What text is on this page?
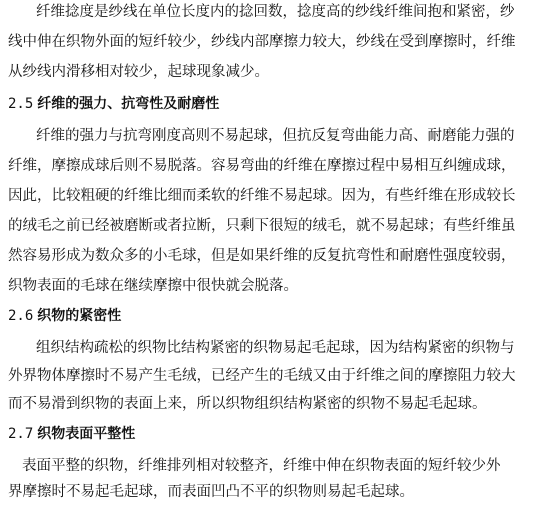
纤维捻度是纱线在单位长度内的捻回数，捻度高的纱线纤维间抱和紧密，纱
线中伸在织物外面的短纤较少，纱线内部摩擦力较大，纱线在受到摩擦时，纤维
从纱线内滑移相对较少，起球现象减少。
2.5 纤维的强力、抗弯性及耐磨性
纤维的强力与抗弯刚度高则不易起球，但抗反复弯曲能力高、耐磨能力强的
纤维，摩擦成球后则不易脱落。容易弯曲的纤维在摩擦过程中易相互纠缠成球，
因此，比较粗硬的纤维比细而柔软的纤维不易起球。因为，有些纤维在形成较长
的绒毛之前已经被磨断或者拉断，只剩下很短的绒毛，就不易起球；有些纤维虽
然容易形成为数众多的小毛球，但是如果纤维的反复抗弯性和耐磨性强度较弱，
织物表面的毛球在继续摩擦中很快就会脱落。
2.6 织物的紧密性
组织结构疏松的织物比结构紧密的织物易起毛起球，因为结构紧密的织物与
外界物体摩擦时不易产生毛绒，已经产生的毛绒又由于纤维之间的摩擦阻力较大
而不易滑到织物的表面上来，所以织物组织结构紧密的织物不易起毛起球。
2.7 织物表面平整性
表面平整的织物，纤维排列相对较整齐，纤维中伸在织物表面的短纤较少外
界摩擦时不易起毛起球，而表面凹凸不平的织物则易起毛起球。
